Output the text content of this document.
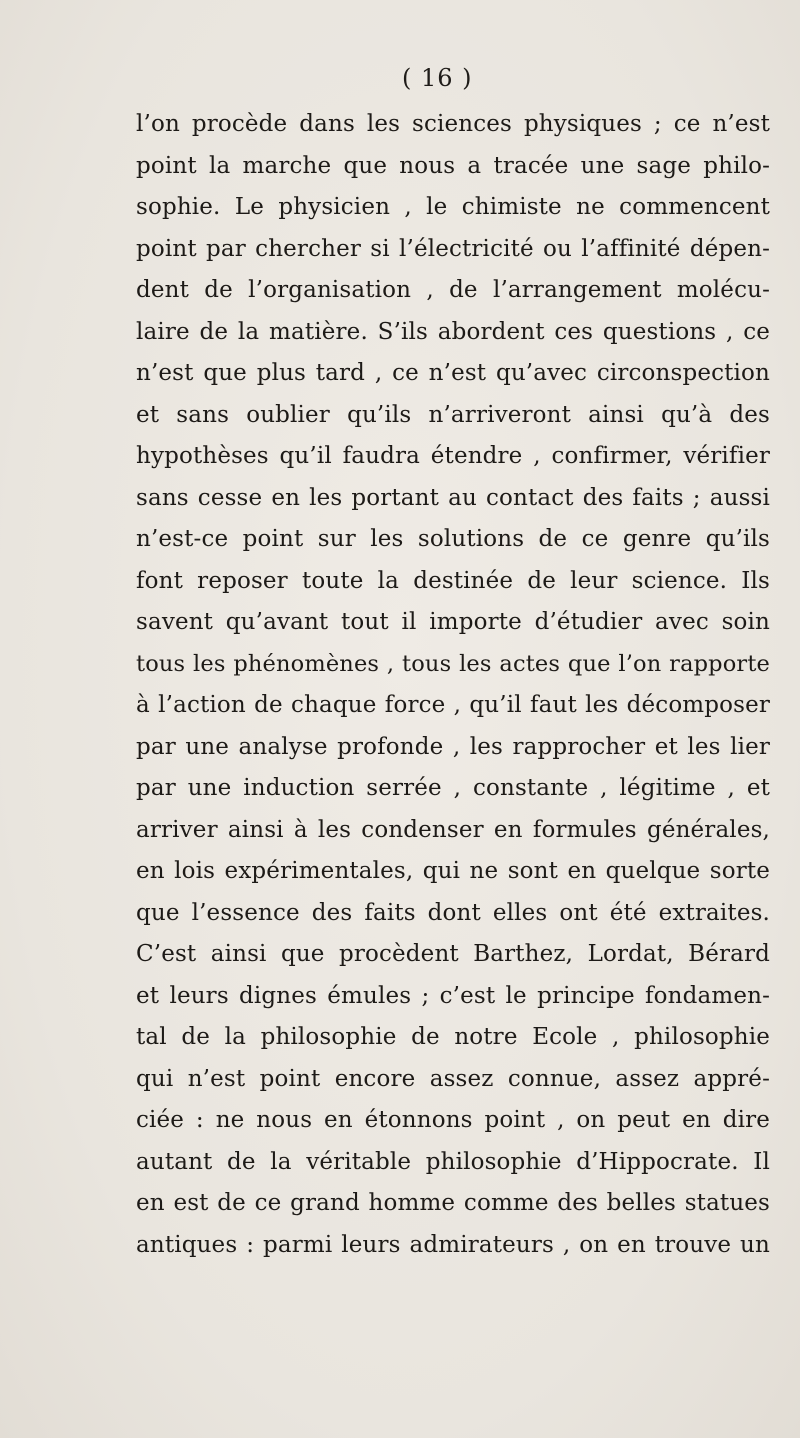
( 16 )
l’on procède dans les sciences physiques ; ce n’est
point la marche que nous a tracée une sage philo-
sophie. Le physicien , le chimiste ne commencent
point par chercher si l’électricité ou l’affinité dépen-
dent de l’organisation , de l’arrangement molécu-
laire de la matière. S’ils abordent ces questions , ce
n’est que plus tard , ce n’est qu’avec circonspection
et sans oublier qu’ils n’arriveront ainsi qu’à des
hypothèses qu’il faudra étendre , confirmer, vérifier
sans cesse en les portant au contact des faits ; aussi
n’est-ce point sur les solutions de ce genre qu’ils
font reposer toute la destinée de leur science. Ils
savent qu’avant tout il importe d’étudier avec soin
tous les phénomènes , tous les actes que l’on rapporte
à l’action de chaque force , qu’il faut les décomposer
par une analyse profonde , les rapprocher et les lier
par une induction serrée , constante , légitime , et
arriver ainsi à les condenser en formules générales,
en lois expérimentales, qui ne sont en quelque sorte
que l’essence des faits dont elles ont été extraites.
C’est ainsi que procèdent Barthez, Lordat, Bérard
et leurs dignes émules ; c’est le principe fondamen-
tal de la philosophie de notre Ecole , philosophie
qui n’est point encore assez connue, assez appré-
ciée : ne nous en étonnons point , on peut en dire
autant de la véritable philosophie d’Hippocrate. Il
en est de ce grand homme comme des belles statues
antiques : parmi leurs admirateurs , on en trouve un
